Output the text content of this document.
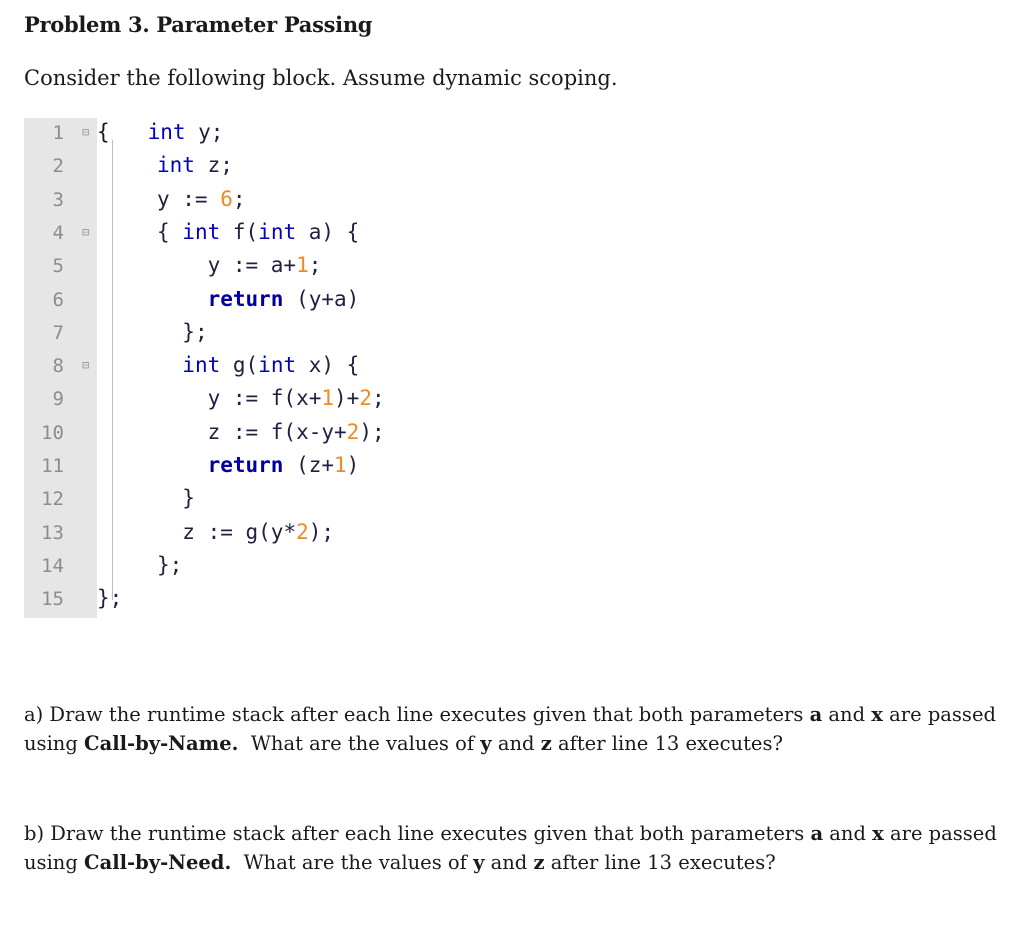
Problem 3. Parameter Passing
Consider the following block. Assume dynamic scoping.
1 ⊟ {   int y;
2	int z;
3	y := 6;
4 ⊟	{ int f(int a) {
5	y := a+1;
6	return (y+a)
7	};
8 ⊟	int g(int x) {
9	y := f(x+1)+2;
10	z := f(x-y+2);
11	return (z+1)
12	}
13	z := g(y*2);
14	};
15 };
a) Draw the runtime stack after each line executes given that both parameters a and x are passed
using Call-by-Name.  What are the values of y and z after line 13 executes?
b) Draw the runtime stack after each line executes given that both parameters a and x are passed
using Call-by-Need.  What are the values of y and z after line 13 executes?
